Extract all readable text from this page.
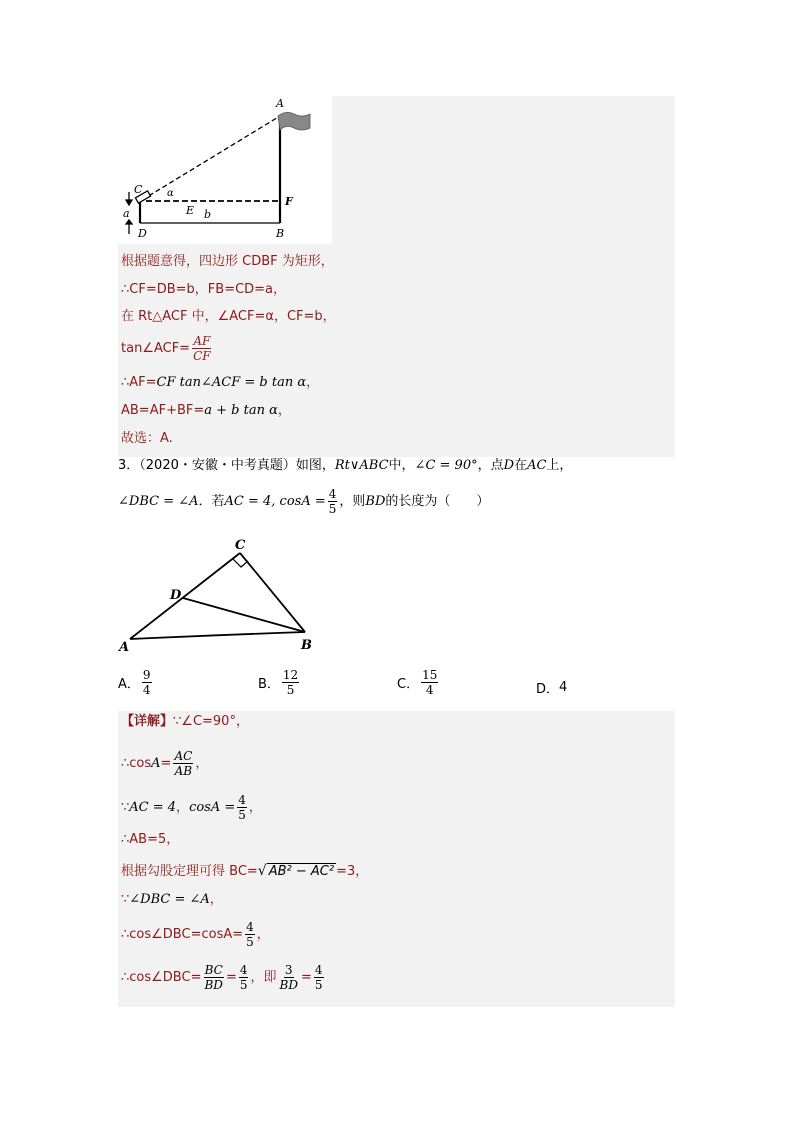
A
C α
F
a	E b
D	B
根据题意得，四边形 CDBF 为矩形，
∴CF=DB=b，FB=CD=a，
在 Rt△ACF 中，∠ACF=α，CF=b，
tan∠ACF= $\frac{AF}{CF}$
∴AF=CF tan∠ACF = b tan α，
AB=AF+BF=a + b tan α，
故选：A.
3．（2020・安徽・中考真题）如图，Rt∨ABC中，∠C = 90°，点D在AC上，
∠DBC = ∠A．若AC = 4, $\cos A = \frac{4}{5}$ ，则BD的长度为（　　）
C
D
A	B
A． $\frac{9}{4}$	B． $\frac{12}{5}$	C． $\frac{15}{4}$	D． 4
【详解】∵∠C=90°，
∴cosA= $\frac{AC}{AB}$ ，
∵AC = 4，$\cos A = \frac{4}{5}$ ，
∴AB=5，
根据勾股定理可得 BC=√ AB² − AC² =3，
∵∠DBC = ∠A，
∴cos∠DBC=cosA= $\frac{4}{5}$ ，
∴cos∠DBC= $\frac{BC}{BD} = \frac{4}{5}$ ，即 $\frac{3}{BD} = \frac{4}{5}$
